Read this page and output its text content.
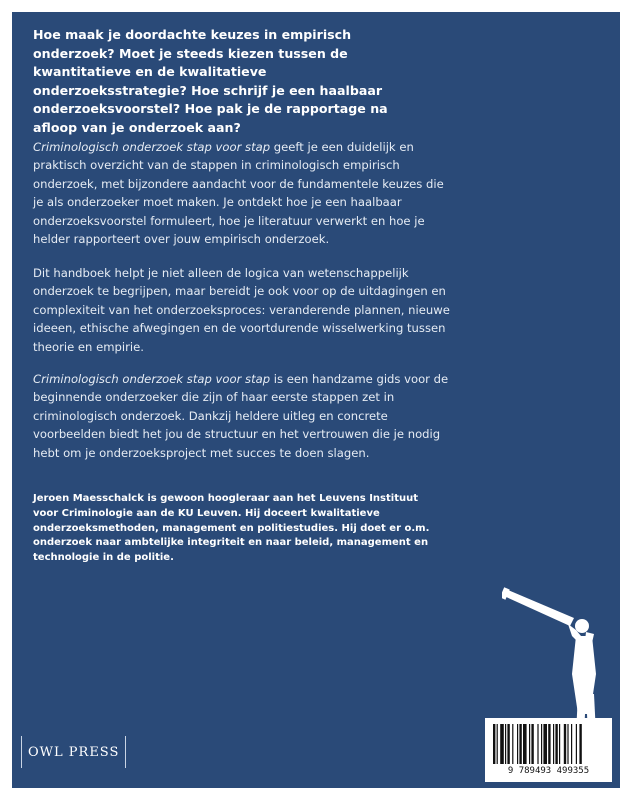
Hoe maak je doordachte keuzes in empirisch onderzoek? Moet je steeds kiezen tussen de kwantitatieve en de kwalitatieve onderzoeksstrategie? Hoe schrijf je een haalbaar onderzoeksvoorstel? Hoe pak je de rapportage na afloop van je onderzoek aan?

Criminologisch onderzoek stap voor stap geeft je een duidelijk en praktisch overzicht van de stappen in criminologisch empirisch onderzoek, met bijzondere aandacht voor de fundamentele keuzes die je als onderzoeker moet maken. Je ontdekt hoe je een haalbaar onderzoeksvoorstel formuleert, hoe je literatuur verwerkt en hoe je helder rapporteert over jouw empirisch onderzoek.

Dit handboek helpt je niet alleen de logica van wetenschappelijk onderzoek te begrijpen, maar bereidt je ook voor op de uitdagingen en complexiteit van het onderzoeksproces: veranderende plannen, nieuwe ideeen, ethische afwegingen en de voortdurende wisselwerking tussen theorie en empirie.

Criminologisch onderzoek stap voor stap is een handzame gids voor de beginnende onderzoeker die zijn of haar eerste stappen zet in criminologisch onderzoek. Dankzij heldere uitleg en concrete voorbeelden biedt het jou de structuur en het vertrouwen die je nodig hebt om je onderzoeksproject met succes te doen slagen.

Jeroen Maesschalck is gewoon hoogleraar aan het Leuvens Instituut voor Criminologie aan de KU Leuven. Hij doceert kwalitatieve onderzoeksmethoden, management en politiestudies. Hij doet er o.m. onderzoek naar ambtelijke integriteit en naar beleid, management en technologie in de politie.

OWL PRESS
9 789493 499355
